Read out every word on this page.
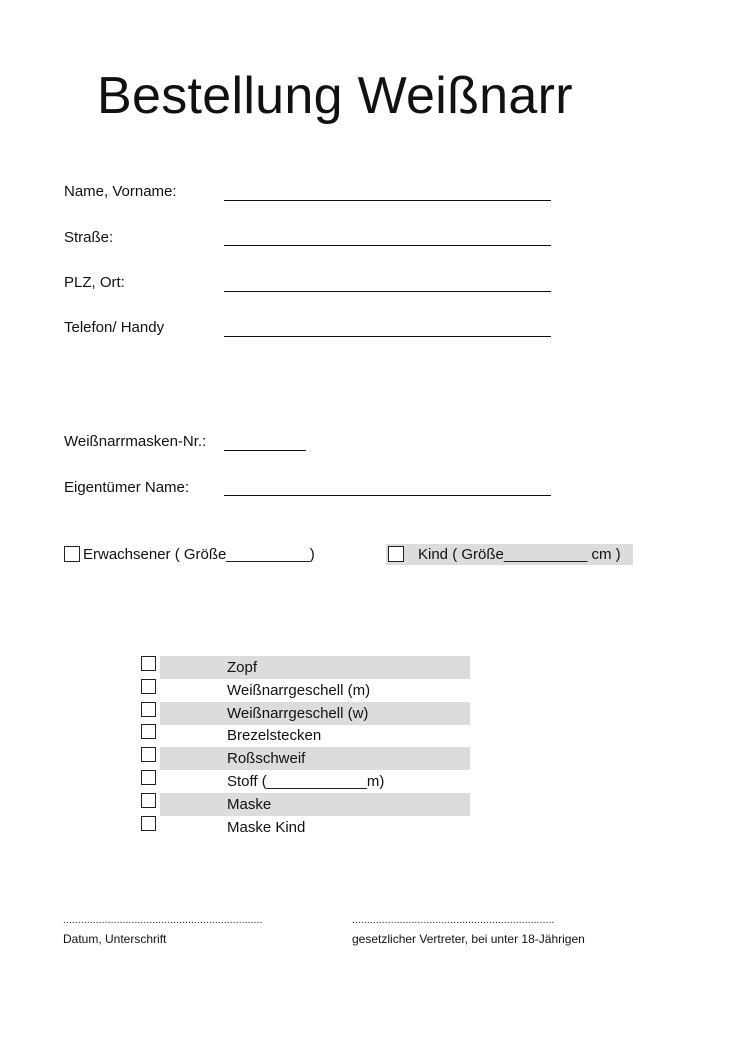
Bestellung Weißnarr
Name, Vorname:
Straße:
PLZ, Ort:
Telefon/ Handy
Weißnarrmasken-Nr.:
Eigentümer Name:
Erwachsener ( Größe__________)	Kind ( Größe__________ cm )
Zopf
Weißnarrgeschell (m)
Weißnarrgeschell (w)
Brezelstecken
Roßschweif
Stoff (____________m)
Maske
Maske Kind
...................................................................
Datum, Unterschrift
....................................................................
gesetzlicher Vertreter, bei unter 18-Jährigen
